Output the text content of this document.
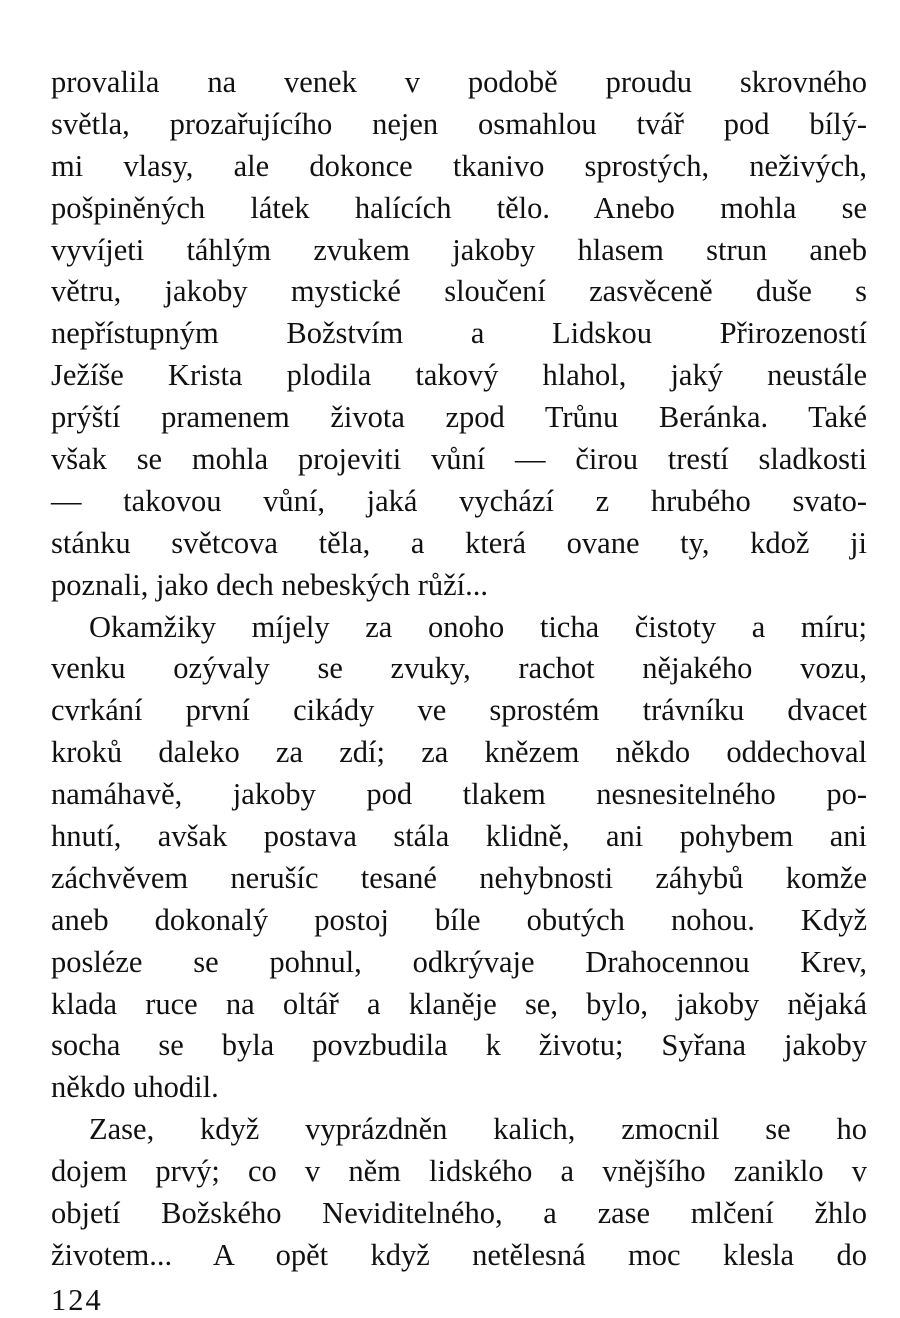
provalila na venek v podobě proudu skrovného
světla, prozařujícího nejen osmahlou tvář pod bílý-
mi vlasy, ale dokonce tkanivo sprostých, neživých,
pošpiněných látek halících tělo. Anebo mohla se
vyvíjeti táhlým zvukem jakoby hlasem strun aneb
větru, jakoby mystické sloučení zasvěceně duše s
nepřístupným Božstvím a Lidskou Přirozeností
Ježíše Krista plodila takový hlahol, jaký neustále
prýští pramenem života zpod Trůnu Beránka. Také
však se mohla projeviti vůní — čirou trestí sladkosti
— takovou vůní, jaká vychází z hrubého svato-
stánku světcova těla, a která ovane ty, kdož ji
poznali, jako dech nebeských růží...
Okamžiky míjely za onoho ticha čistoty a míru;
venku ozývaly se zvuky, rachot nějakého vozu,
cvrkání první cikády ve sprostém trávníku dvacet
kroků daleko za zdí; za knězem někdo oddechoval
namáhavě, jakoby pod tlakem nesnesitelného po-
hnutí, avšak postava stála klidně, ani pohybem ani
záchvěvem nerušíc tesané nehybnosti záhybů komže
aneb dokonalý postoj bíle obutých nohou. Když
posléze se pohnul, odkrývaje Drahocennou Krev,
klada ruce na oltář a klaněje se, bylo, jakoby nějaká
socha se byla povzbudila k životu; Syřana jakoby
někdo uhodil.
Zase, když vyprázdněn kalich, zmocnil se ho
dojem prvý; co v něm lidského a vnějšího zaniklo v
objetí Božského Neviditelného, a zase mlčení žhlo
životem... A opět když netělesná moc klesla do
124
